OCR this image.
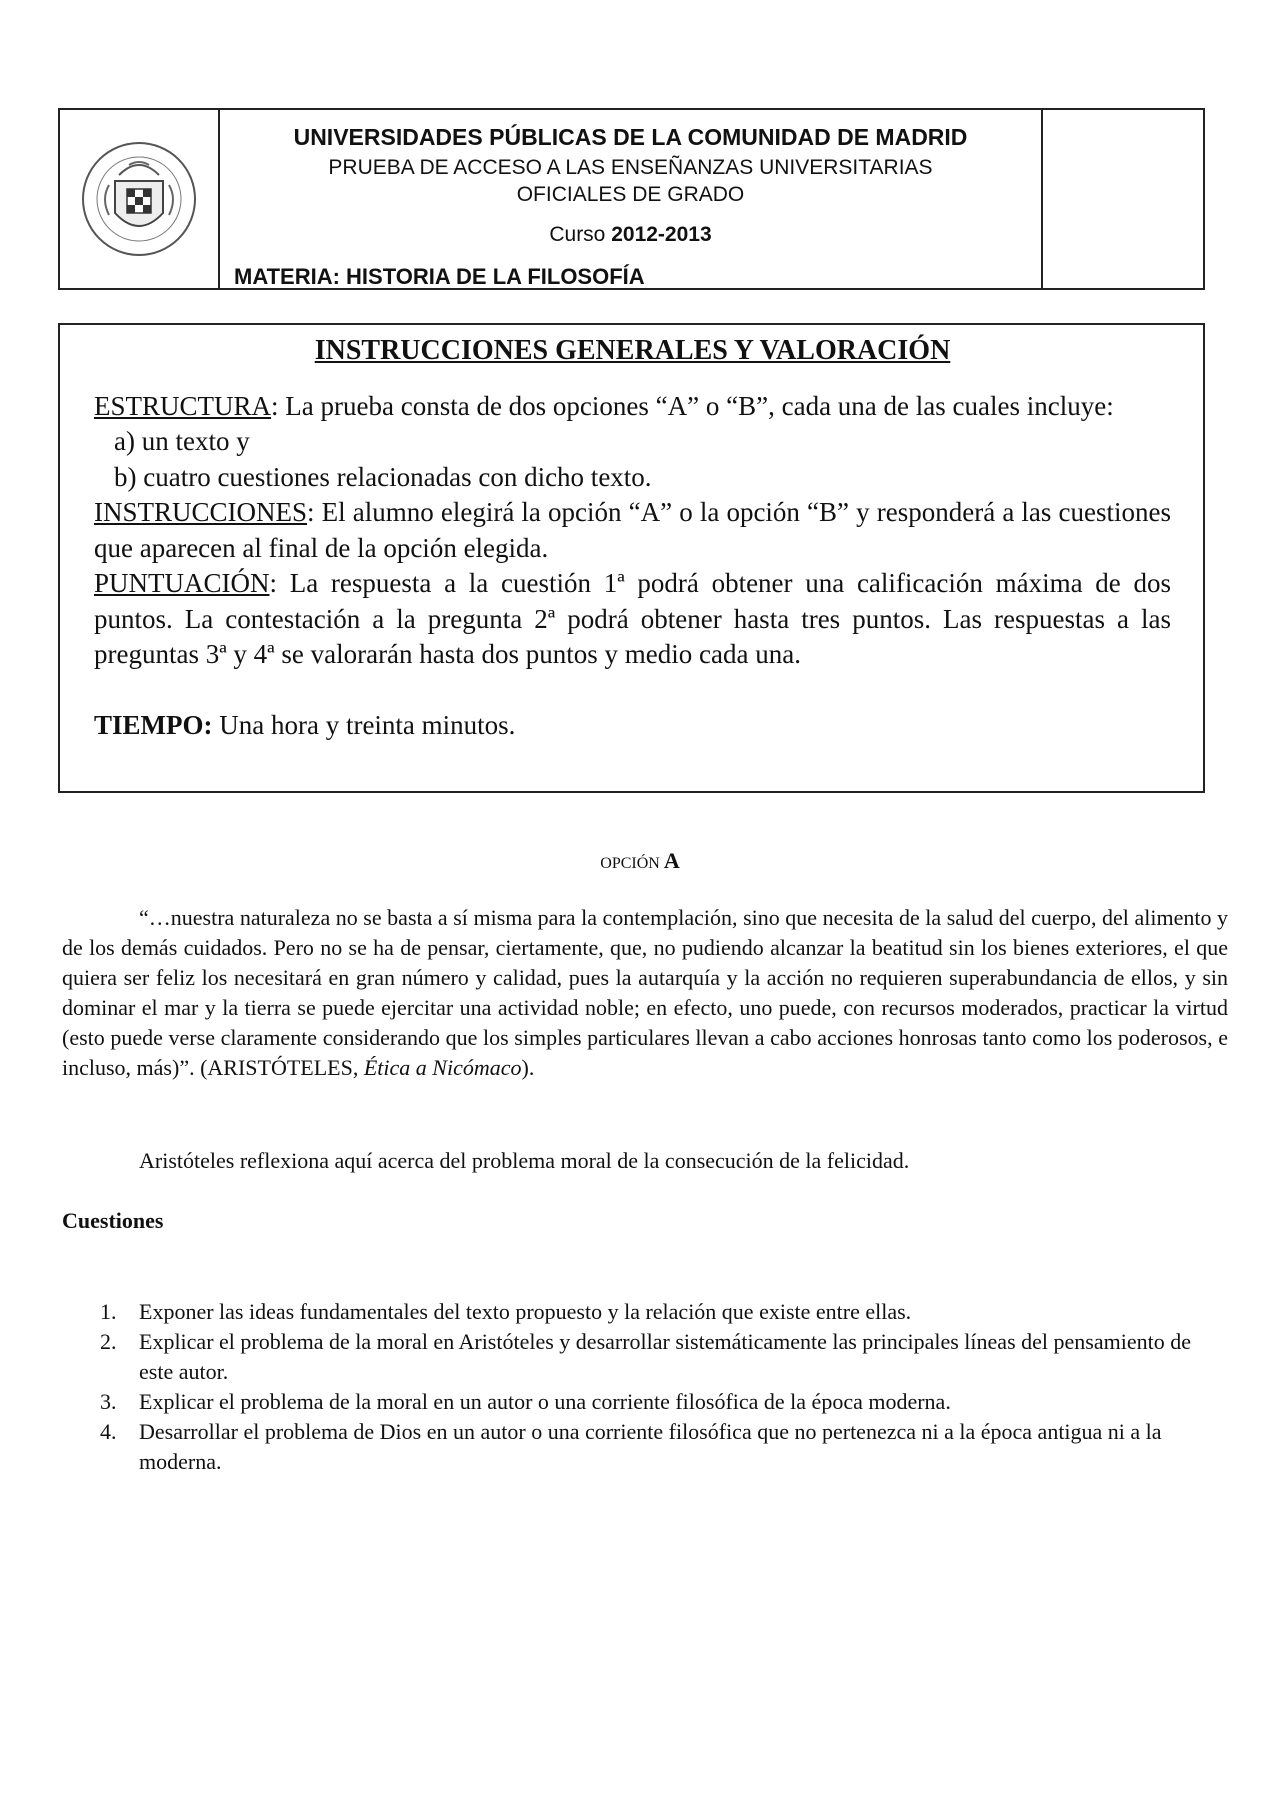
UNIVERSIDADES PÚBLICAS DE LA COMUNIDAD DE MADRID
PRUEBA DE ACCESO A LAS ENSEÑANZAS UNIVERSITARIAS
OFICIALES DE GRADO
Curso 2012-2013
MATERIA: HISTORIA DE LA FILOSOFÍA
INSTRUCCIONES GENERALES Y VALORACIÓN

ESTRUCTURA: La prueba consta de dos opciones “A” o “B”, cada una de las cuales incluye:

a) un texto y

b) cuatro cuestiones relacionadas con dicho texto.

INSTRUCCIONES: El alumno elegirá la opción “A” o la opción “B” y responderá a las cuestiones que aparecen al final de la opción elegida.

PUNTUACIÓN: La respuesta a la cuestión 1ª podrá obtener una calificación máxima de dos puntos. La contestación a la pregunta 2ª podrá obtener hasta tres puntos. Las respuestas a las preguntas 3ª y 4ª se valorarán hasta dos puntos y medio cada una.

TIEMPO: Una hora y treinta minutos.

OPCIÓN A

“…nuestra naturaleza no se basta a sí misma para la contemplación, sino que necesita de la salud del cuerpo, del alimento y de los demás cuidados. Pero no se ha de pensar, ciertamente, que, no pudiendo alcanzar la beatitud sin los bienes exteriores, el que quiera ser feliz los necesitará en gran número y calidad, pues la autarquía y la acción no requieren superabundancia de ellos, y sin dominar el mar y la tierra se puede ejercitar una actividad noble; en efecto, uno puede, con recursos moderados, practicar la virtud (esto puede verse claramente considerando que los simples particulares llevan a cabo acciones honrosas tanto como los poderosos, e incluso, más)”. (ARISTÓTELES, Ética a Nicómaco).

Aristóteles reflexiona aquí acerca del problema moral de la consecución de la felicidad.

Cuestiones
1. Exponer las ideas fundamentales del texto propuesto y la relación que existe entre ellas.
2. Explicar el problema de la moral en Aristóteles y desarrollar sistemáticamente las principales líneas del pensamiento de este autor.
3. Explicar el problema de la moral en un autor o una corriente filosófica de la época moderna.
4. Desarrollar el problema de Dios en un autor o una corriente filosófica que no pertenezca ni a la época antigua ni a la moderna.
